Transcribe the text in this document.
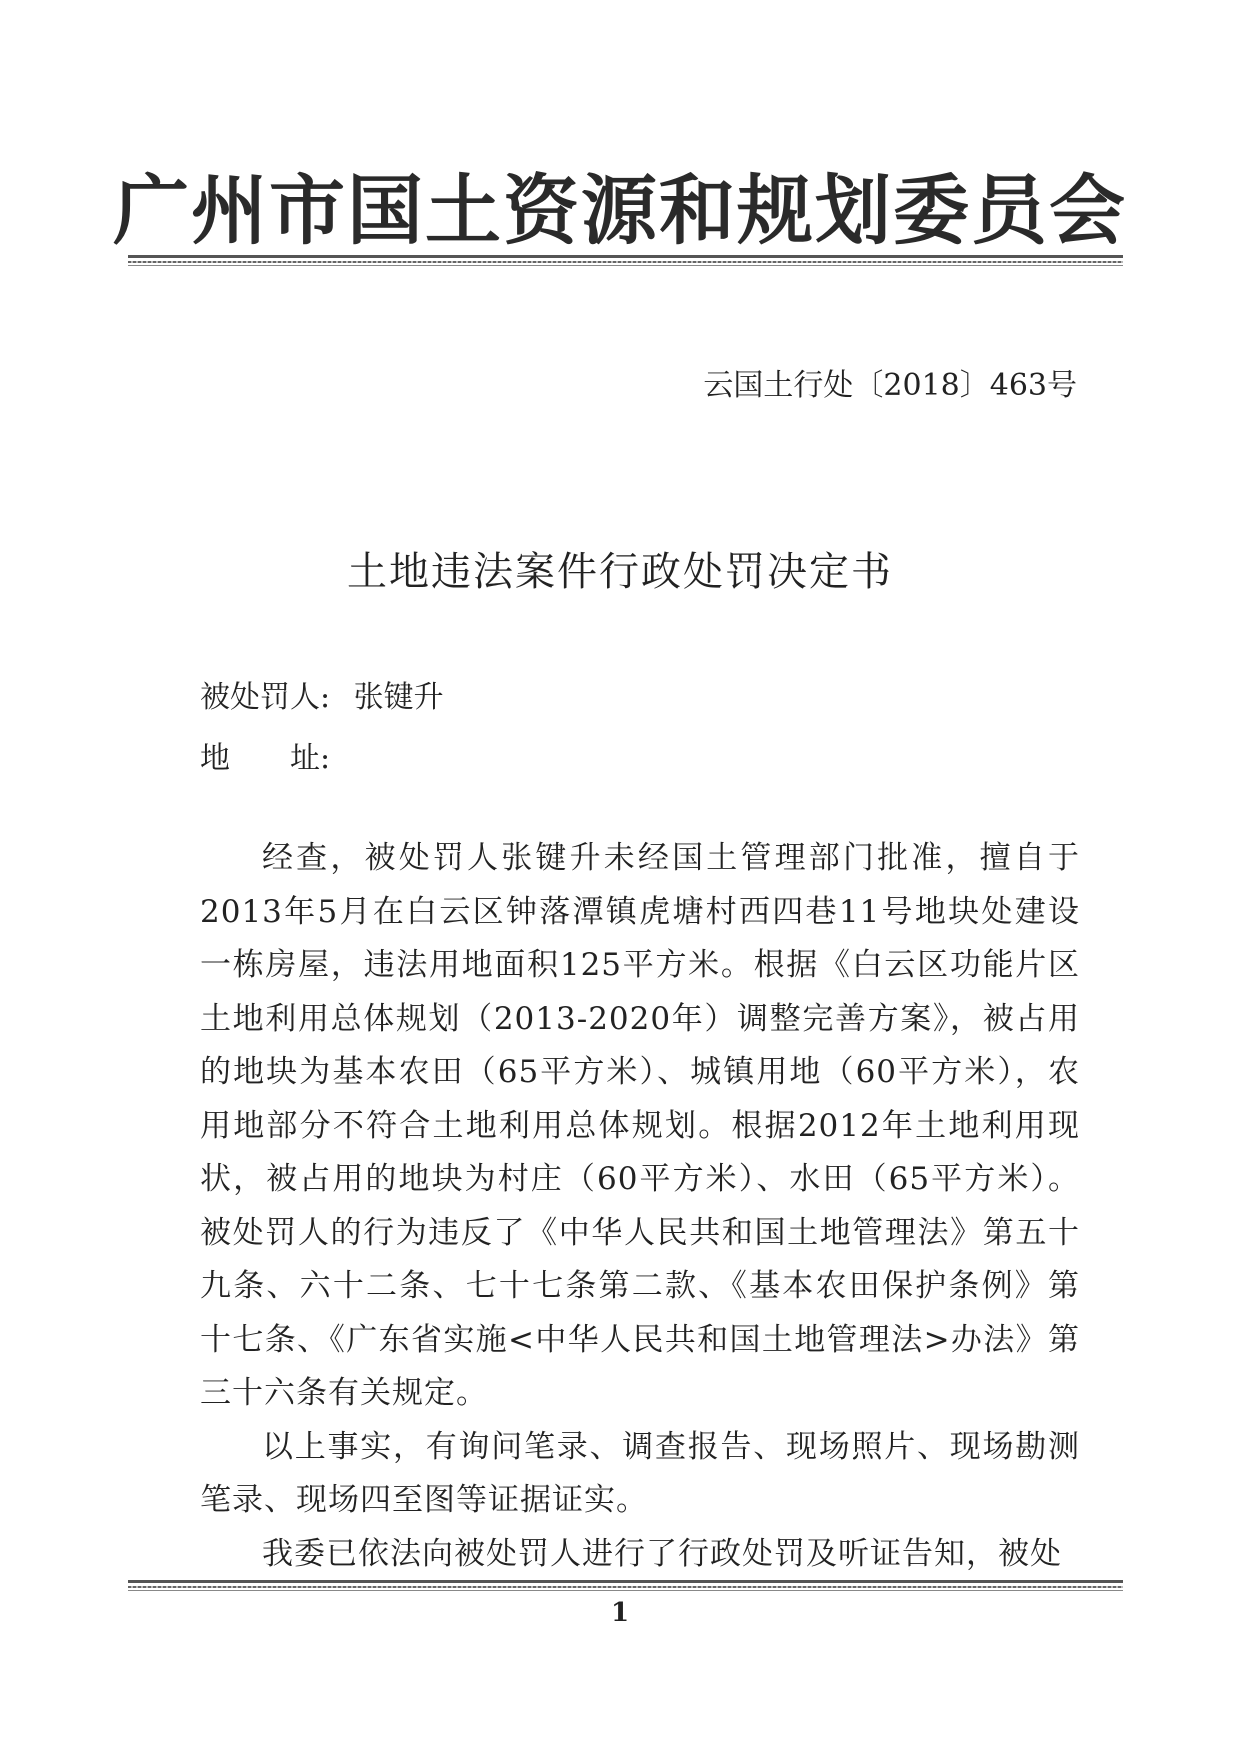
广州市国土资源和规划委员会
云国土行处〔2018〕463号
土地违法案件行政处罚决定书
被处罚人: 张键升
地　　址:

经查，被处罚人张键升未经国土管理部门批准，擅自于2013年5月在白云区钟落潭镇虎塘村西四巷11号地块处建设一栋房屋，违法用地面积125平方米。根据《白云区功能片区土地利用总体规划（2013-2020年）调整完善方案》，被占用的地块为基本农田（65平方米）、城镇用地（60平方米），农用地部分不符合土地利用总体规划。根据2012年土地利用现状，被占用的地块为村庄（60平方米）、水田（65平方米）。被处罚人的行为违反了《中华人民共和国土地管理法》第五十九条、六十二条、七十七条第二款、《基本农田保护条例》第十七条、《广东省实施<中华人民共和国土地管理法>办法》第三十六条有关规定。

以上事实，有询问笔录、调查报告、现场照片、现场勘测笔录、现场四至图等证据证实。

我委已依法向被处罚人进行了行政处罚及听证告知，被处

1
